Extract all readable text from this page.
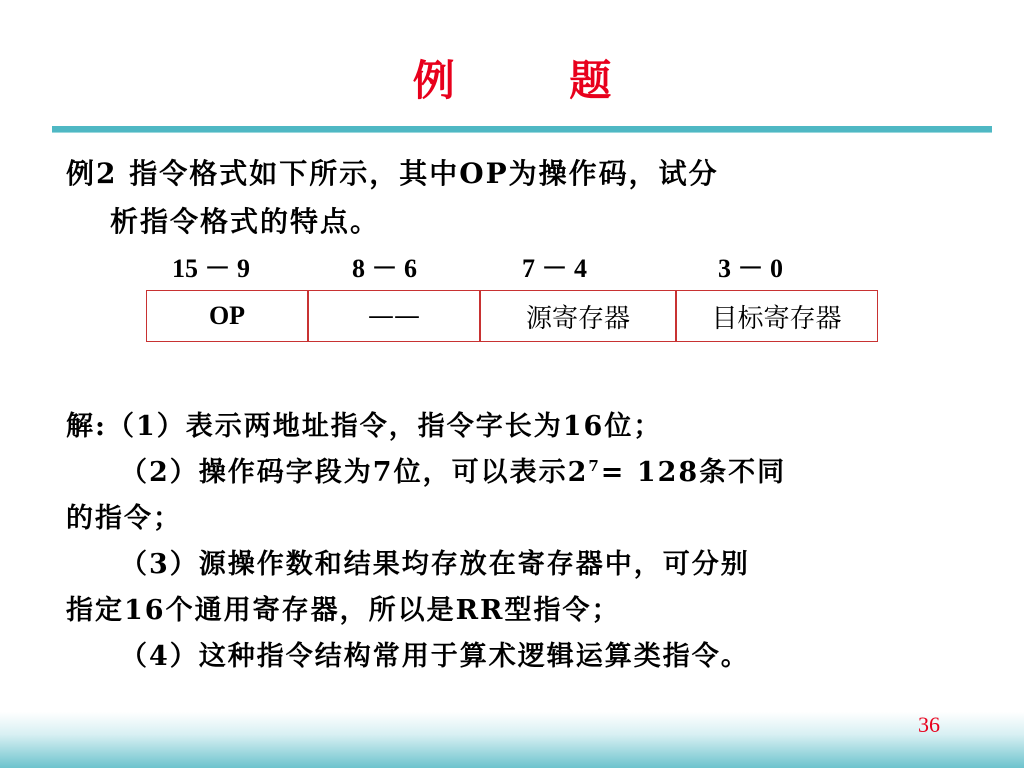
例 题
例2 指令格式如下所示，其中OP为操作码，试分
析指令格式的特点。
15 － 9	8 － 6	7 － 4	3 － 0
OP	——	源寄存器	目标寄存器

解:（1）表示两地址指令，指令字长为16位；

（2）操作码字段为7位，可以表示$2^7= 128$条不同

的指令；

（3）源操作数和结果均存放在寄存器中，可分别

指定16个通用寄存器，所以是RR型指令；

（4）这种指令结构常用于算术逻辑运算类指令。

36
